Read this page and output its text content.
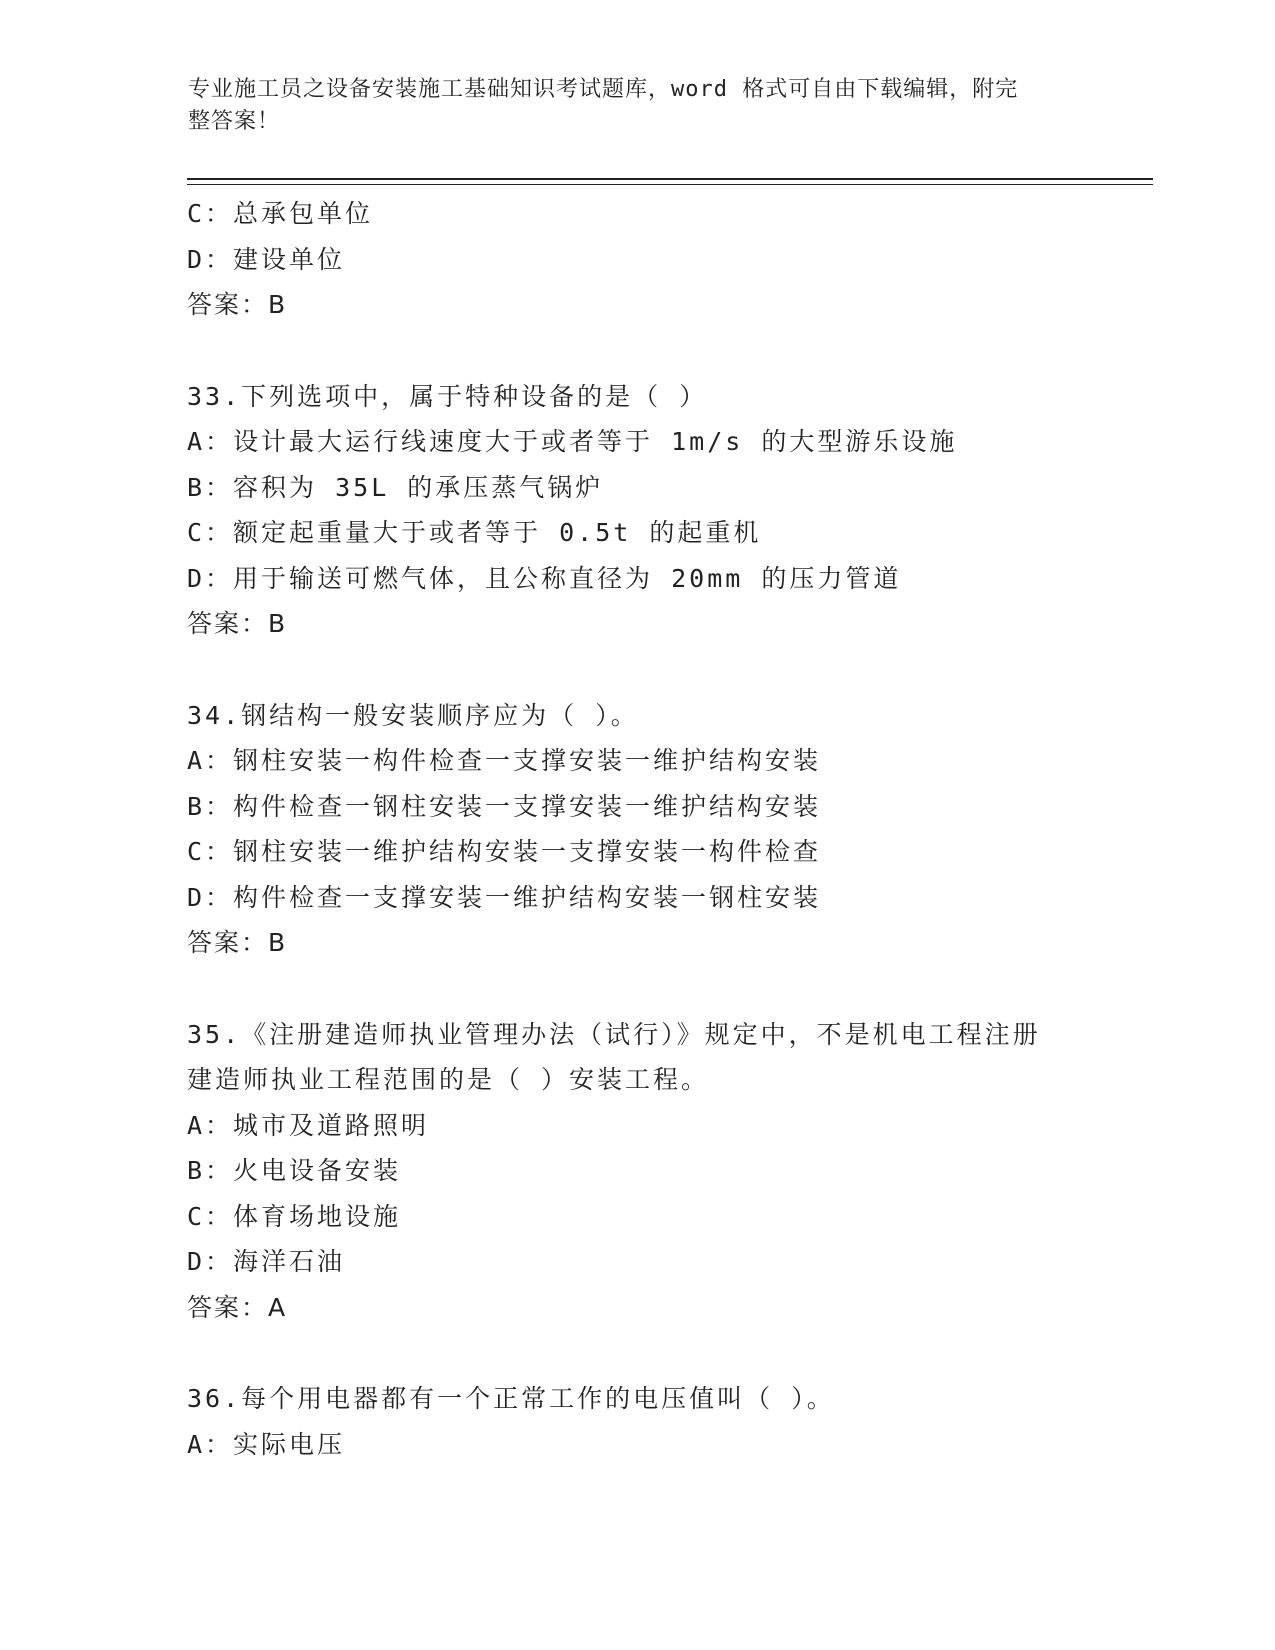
专业施工员之设备安装施工基础知识考试题库，word 格式可自由下载编辑，附完
整答案！
C：总承包单位
D：建设单位
答案：B
33.下列选项中，属于特种设备的是（ ）
A：设计最大运行线速度大于或者等于 1m/s 的大型游乐设施
B：容积为 35L 的承压蒸气锅炉
C：额定起重量大于或者等于 0.5t 的起重机
D：用于输送可燃气体，且公称直径为 20mm 的压力管道
答案：B
34.钢结构一般安装顺序应为（ ）。
A：钢柱安装一构件检查一支撑安装一维护结构安装
B：构件检查一钢柱安装一支撑安装一维护结构安装
C：钢柱安装一维护结构安装一支撑安装一构件检查
D：构件检查一支撑安装一维护结构安装一钢柱安装
答案：B
35.《注册建造师执业管理办法（试行）》规定中，不是机电工程注册
建造师执业工程范围的是（ ）安装工程。
A：城市及道路照明
B：火电设备安装
C：体育场地设施
D：海洋石油
答案：A
36.每个用电器都有一个正常工作的电压值叫（ ）。
A：实际电压
